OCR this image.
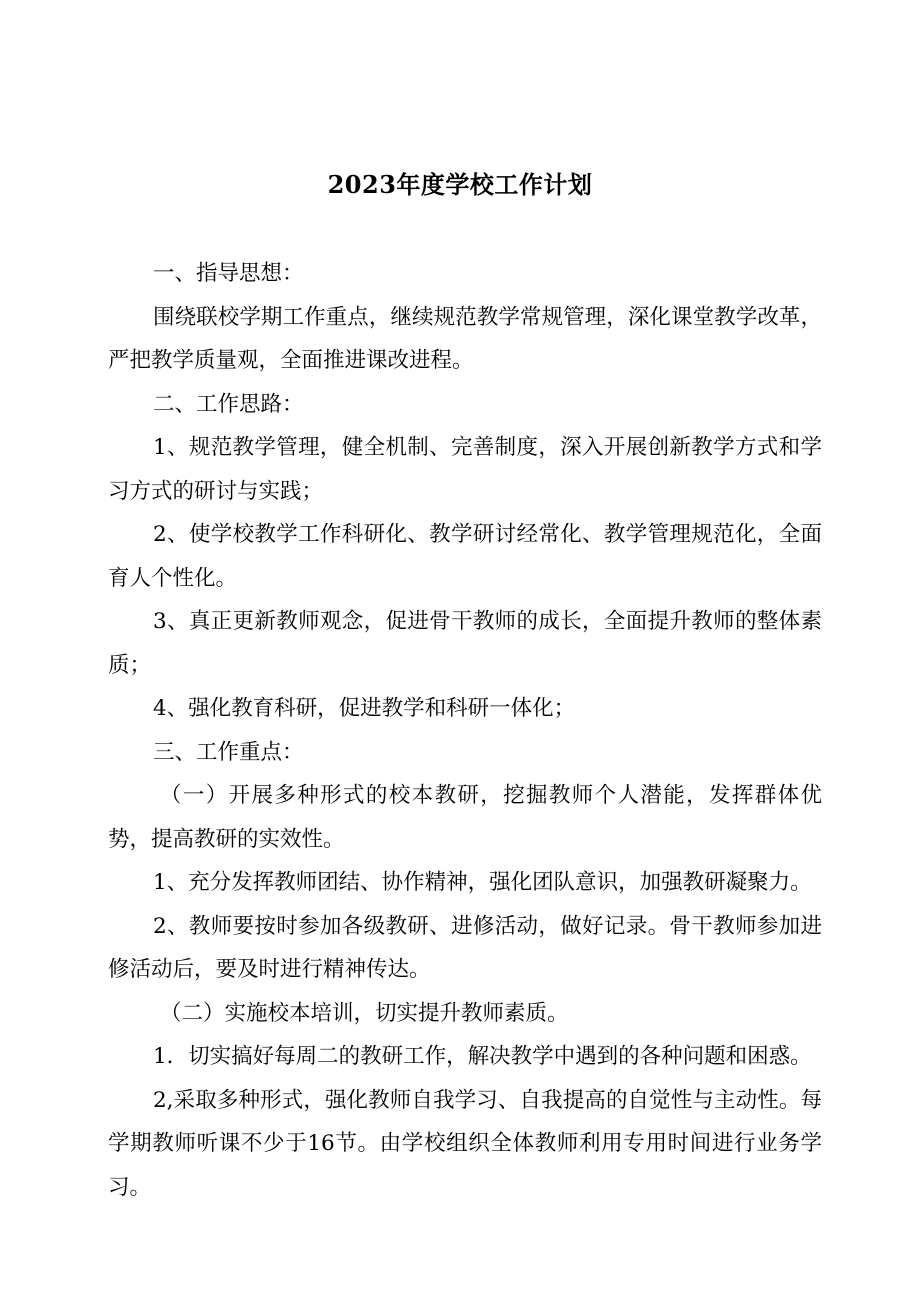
2023年度学校工作计划

一、指导思想：

围绕联校学期工作重点，继续规范教学常规管理，深化课堂教学改革，严把教学质量观，全面推进课改进程。

二、工作思路：

1、规范教学管理，健全机制、完善制度，深入开展创新教学方式和学习方式的研讨与实践；

2、使学校教学工作科研化、教学研讨经常化、教学管理规范化，全面育人个性化。

3、真正更新教师观念，促进骨干教师的成长，全面提升教师的整体素质；

4、强化教育科研，促进教学和科研一体化；

三、工作重点：

（一）开展多种形式的校本教研，挖掘教师个人潜能，发挥群体优势，提高教研的实效性。

1、充分发挥教师团结、协作精神，强化团队意识，加强教研凝聚力。

2、教师要按时参加各级教研、进修活动，做好记录。骨干教师参加进修活动后，要及时进行精神传达。

（二）实施校本培训，切实提升教师素质。

1．切实搞好每周二的教研工作，解决教学中遇到的各种问题和困惑。

2,采取多种形式，强化教师自我学习、自我提高的自觉性与主动性。每学期教师听课不少于16节。由学校组织全体教师利用专用时间进行业务学习。
